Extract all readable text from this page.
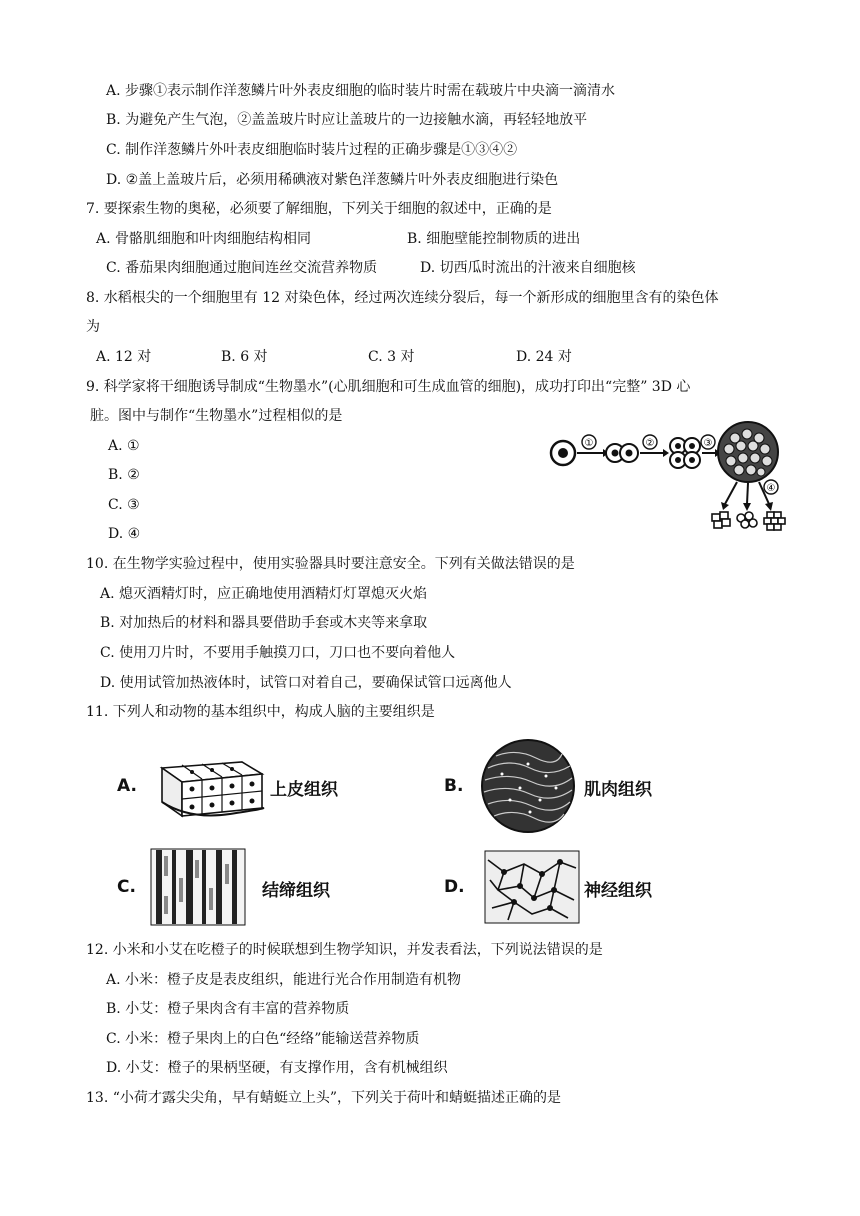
A. 步骤①表示制作洋葱鳞片叶外表皮细胞的临时装片时需在载玻片中央滴一滴清水
B. 为避免产生气泡，②盖盖玻片时应让盖玻片的一边接触水滴，再轻轻地放平
C. 制作洋葱鳞片外叶表皮细胞临时装片过程的正确步骤是①③④②
D. ②盖上盖玻片后，必须用稀碘液对紫色洋葱鳞片叶外表皮细胞进行染色
7. 要探索生物的奥秘，必须要了解细胞，下列关于细胞的叙述中，正确的是
A. 骨骼肌细胞和叶肉细胞结构相同	B. 细胞壁能控制物质的进出
C. 番茄果肉细胞通过胞间连丝交流营养物质	D. 切西瓜时流出的汁液来自细胞核
8. 水稻根尖的一个细胞里有 12 对染色体，经过两次连续分裂后，每一个新形成的细胞里含有的染色体
为
A. 12 对	B. 6 对	C. 3 对	D. 24 对
9. 科学家将干细胞诱导制成“生物墨水”(心肌细胞和可生成血管的细胞)，成功打印出“完整” 3D 心
脏。图中与制作“生物墨水”过程相似的是
A. ①
B. ②
C. ③
D. ④
①	②	③
④
10. 在生物学实验过程中，使用实验器具时要注意安全。下列有关做法错误的是
A. 熄灭酒精灯时，应正确地使用酒精灯灯罩熄灭火焰
B. 对加热后的材料和器具要借助手套或木夹等来拿取
C. 使用刀片时，不要用手触摸刀口，刀口也不要向着他人
D. 使用试管加热液体时，试管口对着自己，要确保试管口远离他人
11. 下列人和动物的基本组织中，构成人脑的主要组织是
A.	上皮组织	B.	肌肉组织
C.	结缔组织	D.	神经组织
12. 小米和小艾在吃橙子的时候联想到生物学知识，并发表看法，下列说法错误的是
A. 小米：橙子皮是表皮组织，能进行光合作用制造有机物
B. 小艾：橙子果肉含有丰富的营养物质
C. 小米：橙子果肉上的白色“经络”能输送营养物质
D. 小艾：橙子的果柄坚硬，有支撑作用，含有机械组织
13. “小荷才露尖尖角，早有蜻蜓立上头”，下列关于荷叶和蜻蜓描述正确的是
